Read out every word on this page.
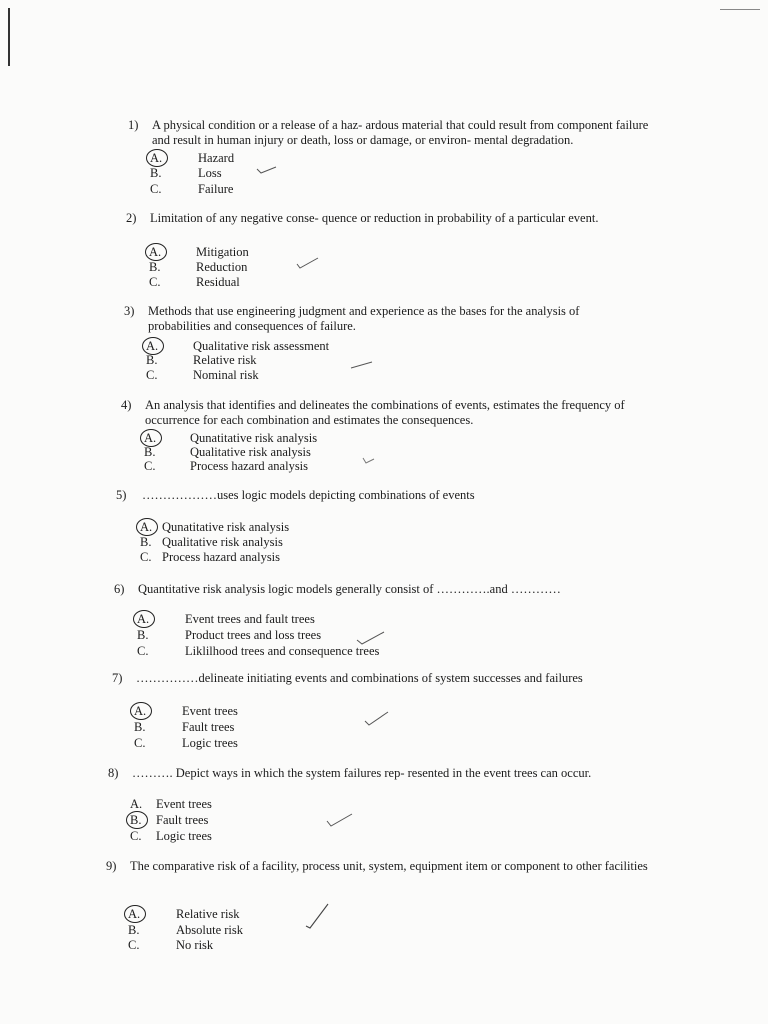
1)	A physical condition or a release of a haz- ardous material that could result from component failure and result in human injury or death, loss or damage, or environ- mental degradation.
A.	Hazard
B.	Loss
C.	Failure
2)	Limitation of any negative conse- quence or reduction in probability of a particular event.
A.	Mitigation
B.	Reduction
C.	Residual
3)	Methods that use engineering judgment and experience as the bases for the analysis of probabilities and consequences of failure.
A.	Qualitative risk assessment
B.	Relative risk
C.	Nominal risk
4)	An analysis that identifies and delineates the combinations of events, estimates the frequency of occurrence for each combination and estimates the consequences.
A.	Qunatitative risk analysis
B.	Qualitative risk analysis
C.	Process hazard analysis
5)	………………uses logic models depicting combinations of events
A. Qunatitative risk analysis
B. Qualitative risk analysis
C. Process hazard analysis
6)	Quantitative risk analysis logic models generally consist of ………….and …………
A.	Event trees and fault trees
B.	Product trees and loss trees
C.	Liklilhood trees and consequence trees
7)	……………delineate initiating events and combinations of system successes and failures
A.	Event trees
B.	Fault trees
C.	Logic trees
8)	………. Depict ways in which the system failures rep- resented in the event trees can occur.
A. Event trees
B. Fault trees
C. Logic trees
9)	The comparative risk of a facility, process unit, system, equipment item or component to other facilities
A.	Relative risk
B.	Absolute risk
C.	No risk
